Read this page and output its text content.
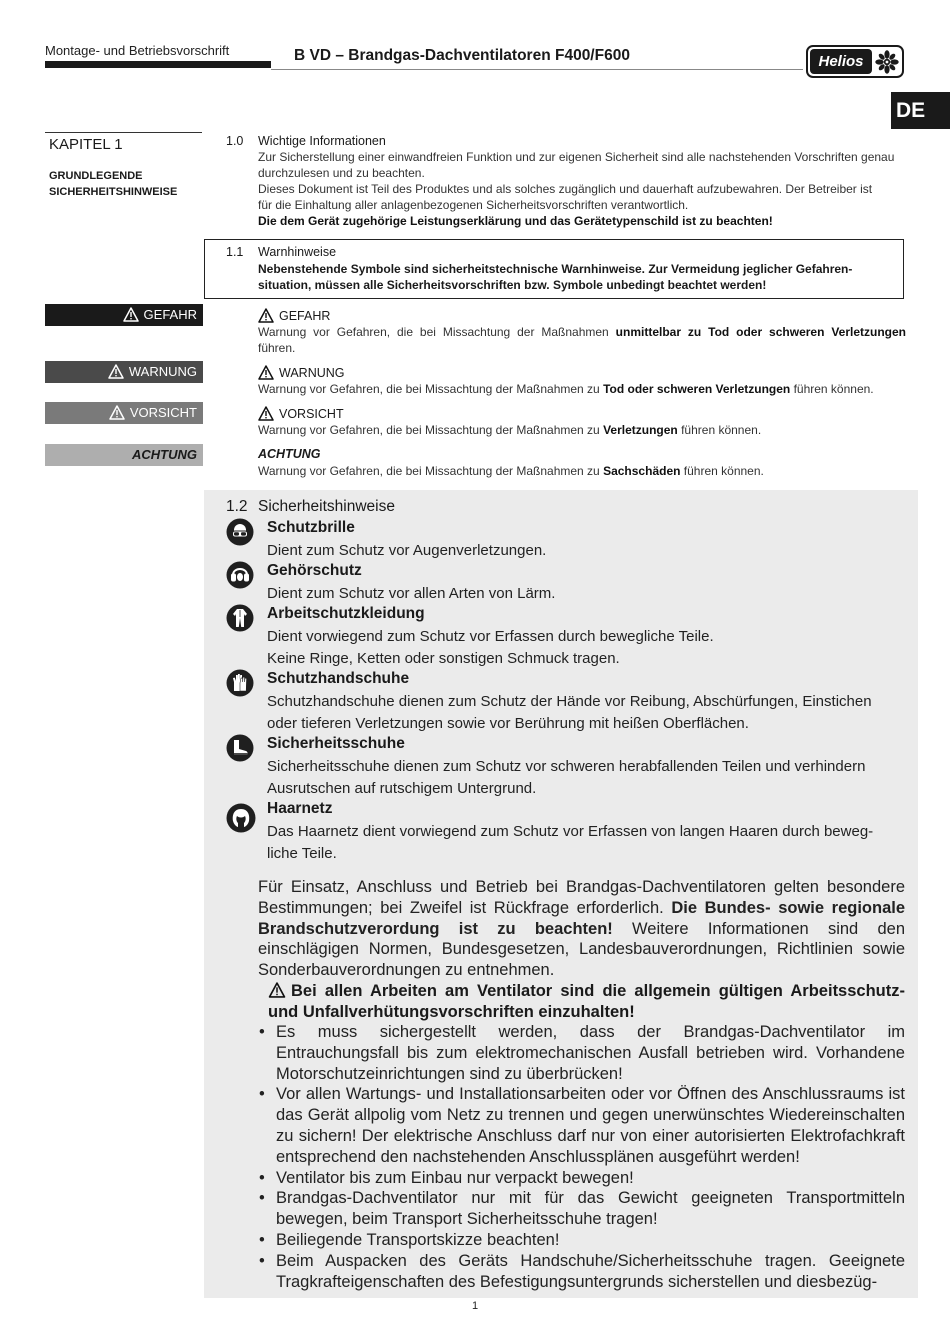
Montage- und Betriebsvorschrift	B VD – Brandgas-Dachventilatoren F400/F600	Helios
DE
KAPITEL 1
GRUNDLEGENDE
SICHERHEITSHINWEISE
1.0 Wichtige Informationen
Zur Sicherstellung einer einwandfreien Funktion und zur eigenen Sicherheit sind alle nachstehenden Vorschriften genau
durchzulesen und zu beachten.
Dieses Dokument ist Teil des Produktes und als solches zugänglich und dauerhaft aufzubewahren. Der Betreiber ist
für die Einhaltung aller anlagenbezogenen Sicherheitsvorschriften verantwortlich.
Die dem Gerät zugehörige Leistungserklärung und das Gerätetypenschild ist zu beachten!
1.1 Warnhinweise
Nebenstehende Symbole sind sicherheitstechnische Warnhinweise. Zur Vermeidung jeglicher Gefahren-
situation, müssen alle Sicherheitsvorschriften bzw. Symbole unbedingt beachtet werden!
GEFAHR
WARNUNG
VORSICHT
ACHTUNG
GEFAHR
Warnung vor Gefahren, die bei Missachtung der Maßnahmen unmittelbar zu Tod oder schweren Verletzungen
führen.
WARNUNG
Warnung vor Gefahren, die bei Missachtung der Maßnahmen zu Tod oder schweren Verletzungen führen können.
VORSICHT
Warnung vor Gefahren, die bei Missachtung der Maßnahmen zu Verletzungen führen können.
ACHTUNG
Warnung vor Gefahren, die bei Missachtung der Maßnahmen zu Sachschäden führen können.
1.2 Sicherheitshinweise
Schutzbrille
Dient zum Schutz vor Augenverletzungen.
Gehörschutz
Dient zum Schutz vor allen Arten von Lärm.
Arbeitschutzkleidung
Dient vorwiegend zum Schutz vor Erfassen durch bewegliche Teile.
Keine Ringe, Ketten oder sonstigen Schmuck tragen.
Schutzhandschuhe
Schutzhandschuhe dienen zum Schutz der Hände vor Reibung, Abschürfungen, Einstichen
oder tieferen Verletzungen sowie vor Berührung mit heißen Oberflächen.
Sicherheitsschuhe
Sicherheitsschuhe dienen zum Schutz vor schweren herabfallenden Teilen und verhindern
Ausrutschen auf rutschigem Untergrund.
Haarnetz
Das Haarnetz dient vorwiegend zum Schutz vor Erfassen von langen Haaren durch beweg-
liche Teile.
Für Einsatz, Anschluss und Betrieb bei Brandgas-Dachventilatoren gelten besondere Bestimmungen; bei Zweifel ist Rückfrage erforderlich. Die Bundes- sowie regionale Brandschutzverordung ist zu beachten! Weitere Informationen sind den einschlägigen Normen, Bundesgesetzen, Landesbauverordnungen, Richtlinien sowie Sonderbauverordnungen zu entnehmen.
Bei allen Arbeiten am Ventilator sind die allgemein gültigen Arbeitsschutz- und Unfallverhütungsvorschriften einzuhalten!
• Es muss sichergestellt werden, dass der Brandgas-Dachventilator im Entrauchungsfall bis zum elektromechanischen Ausfall betrieben wird. Vorhandene Motorschutzeinrichtungen sind zu überbrücken!
• Vor allen Wartungs- und Installationsarbeiten oder vor Öffnen des Anschlussraums ist das Gerät allpolig vom Netz zu trennen und gegen unerwünschtes Wiedereinschalten zu sichern! Der elektrische Anschluss darf nur von einer autorisierten Elektrofachkraft entsprechend den nachstehenden Anschlussplänen ausgeführt werden!
• Ventilator bis zum Einbau nur verpackt bewegen!
• Brandgas-Dachventilator nur mit für das Gewicht geeigneten Transportmitteln bewegen, beim Transport Sicherheitsschuhe tragen!
• Beiliegende Transportskizze beachten!
• Beim Auspacken des Geräts Handschuhe/Sicherheitsschuhe tragen. Geeignete Tragkrafteigenschaften des Befestigungsuntergrunds sicherstellen und diesbezüg-
1
